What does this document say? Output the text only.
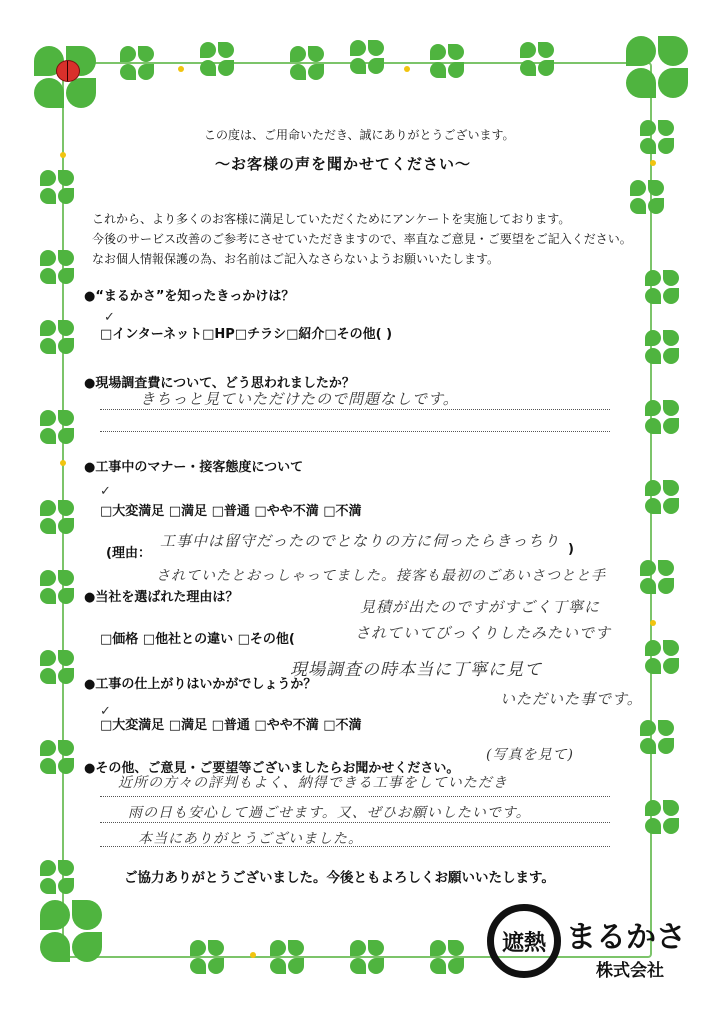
この度は、ご用命いただき、誠にありがとうございます。
〜お客様の声を聞かせてください〜
これから、より多くのお客様に満足していただくためにアンケートを実施しております。
今後のサービス改善のご参考にさせていただきますので、率直なご意見・ご要望をご記入ください。
なお個人情報保護の為、お名前はご記入なさらないようお願いいたします。
●“まるかさ”を知ったきっかけは？
✓
□インターネット□HP□チラシ□紹介□その他( )
●現場調査費について、どう思われましたか？
きちっと見ていただけたので問題なしです。
●工事中のマナー・接客態度について
✓
□大変満足 □満足 □普通 □やや不満 □不満
(理由：	)
工事中は留守だったのでとなりの方に伺ったらきっちり
されていたとおっしゃってました。接客も最初のごあいさつとと手
●当社を選ばれた理由は？
□価格 □他社との違い □その他(
見積が出たのですがすごく丁寧に
されていてびっくりしたみたいです
現場調査の時本当に丁寧に見て
いただいた事です。
●工事の仕上がりはいかがでしょうか？
✓
□大変満足 □満足 □普通 □やや不満 □不満
●その他、ご意見・ご要望等ございましたらお聞かせください。
(写真を見て)
近所の方々の評判もよく、納得できる工事をしていただき
雨の日も安心して過ごせます。又、ぜひお願いしたいです。
本当にありがとうございました。
ご協力ありがとうございました。今後ともよろしくお願いいたします。
遮熱 まるかさ
株式会社
